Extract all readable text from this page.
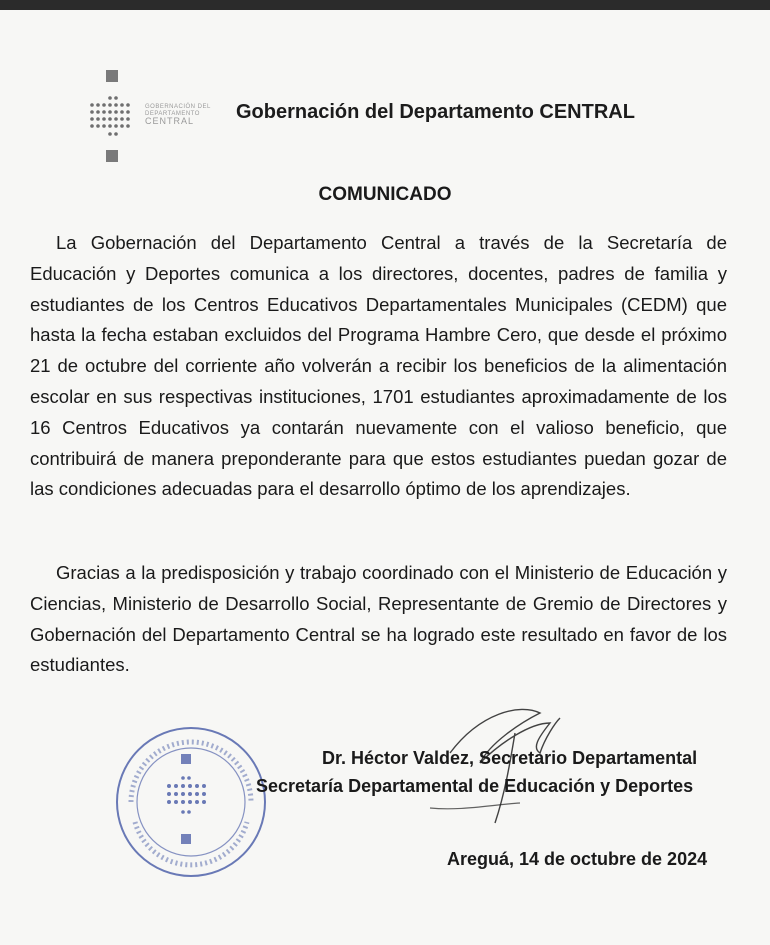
GOBERNACIÓN DEL
DEPARTAMENTO
CENTRAL	Gobernación del Departamento CENTRAL
COMUNICADO

La Gobernación del Departamento Central a través de la Secretaría de Educación y Deportes comunica a los directores, docentes, padres de familia y estudiantes de los Centros Educativos Departamentales Municipales (CEDM) que hasta la fecha estaban excluidos del Programa Hambre Cero, que desde el próximo 21 de octubre del corriente año volverán a recibir los beneficios de la alimentación escolar en sus respectivas instituciones, 1701 estudiantes aproximadamente de los 16 Centros Educativos ya contarán nuevamente con el valioso beneficio, que contribuirá de manera preponderante para que estos estudiantes puedan gozar de las condiciones adecuadas para el desarrollo óptimo de los aprendizajes.

Gracias a la predisposición y trabajo coordinado con el Ministerio de Educación y Ciencias, Ministerio de Desarrollo Social, Representante de Gremio de Directores y Gobernación del Departamento Central se ha logrado este resultado en favor de los estudiantes.

Dr. Héctor Valdez, Secretario Departamental
Secretaría Departamental de Educación y Deportes
Areguá, 14 de octubre de 2024
